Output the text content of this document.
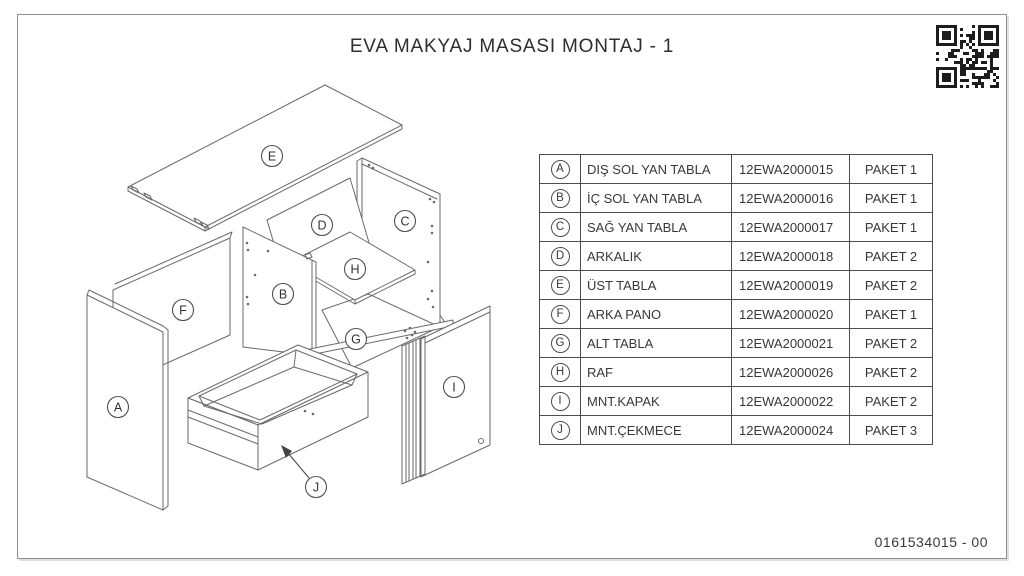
EVA MAKYAJ MASASI MONTAJ - 1
A
B
C
D
E
F
G
H
I
J
A	DIŞ SOL YAN TABLA	12EWA2000015	PAKET 1
B	İÇ SOL YAN TABLA	12EWA2000016	PAKET 1
C	SAĞ YAN TABLA	12EWA2000017	PAKET 1
D	ARKALIK	12EWA2000018	PAKET 2
E	ÜST TABLA	12EWA2000019	PAKET 2
F	ARKA PANO	12EWA2000020	PAKET 1
G	ALT TABLA	12EWA2000021	PAKET 2
H	RAF	12EWA2000026	PAKET 2
I	MNT.KAPAK	12EWA2000022	PAKET 2
J	MNT.ÇEKMECE	12EWA2000024	PAKET 3
0161534015 - 00
